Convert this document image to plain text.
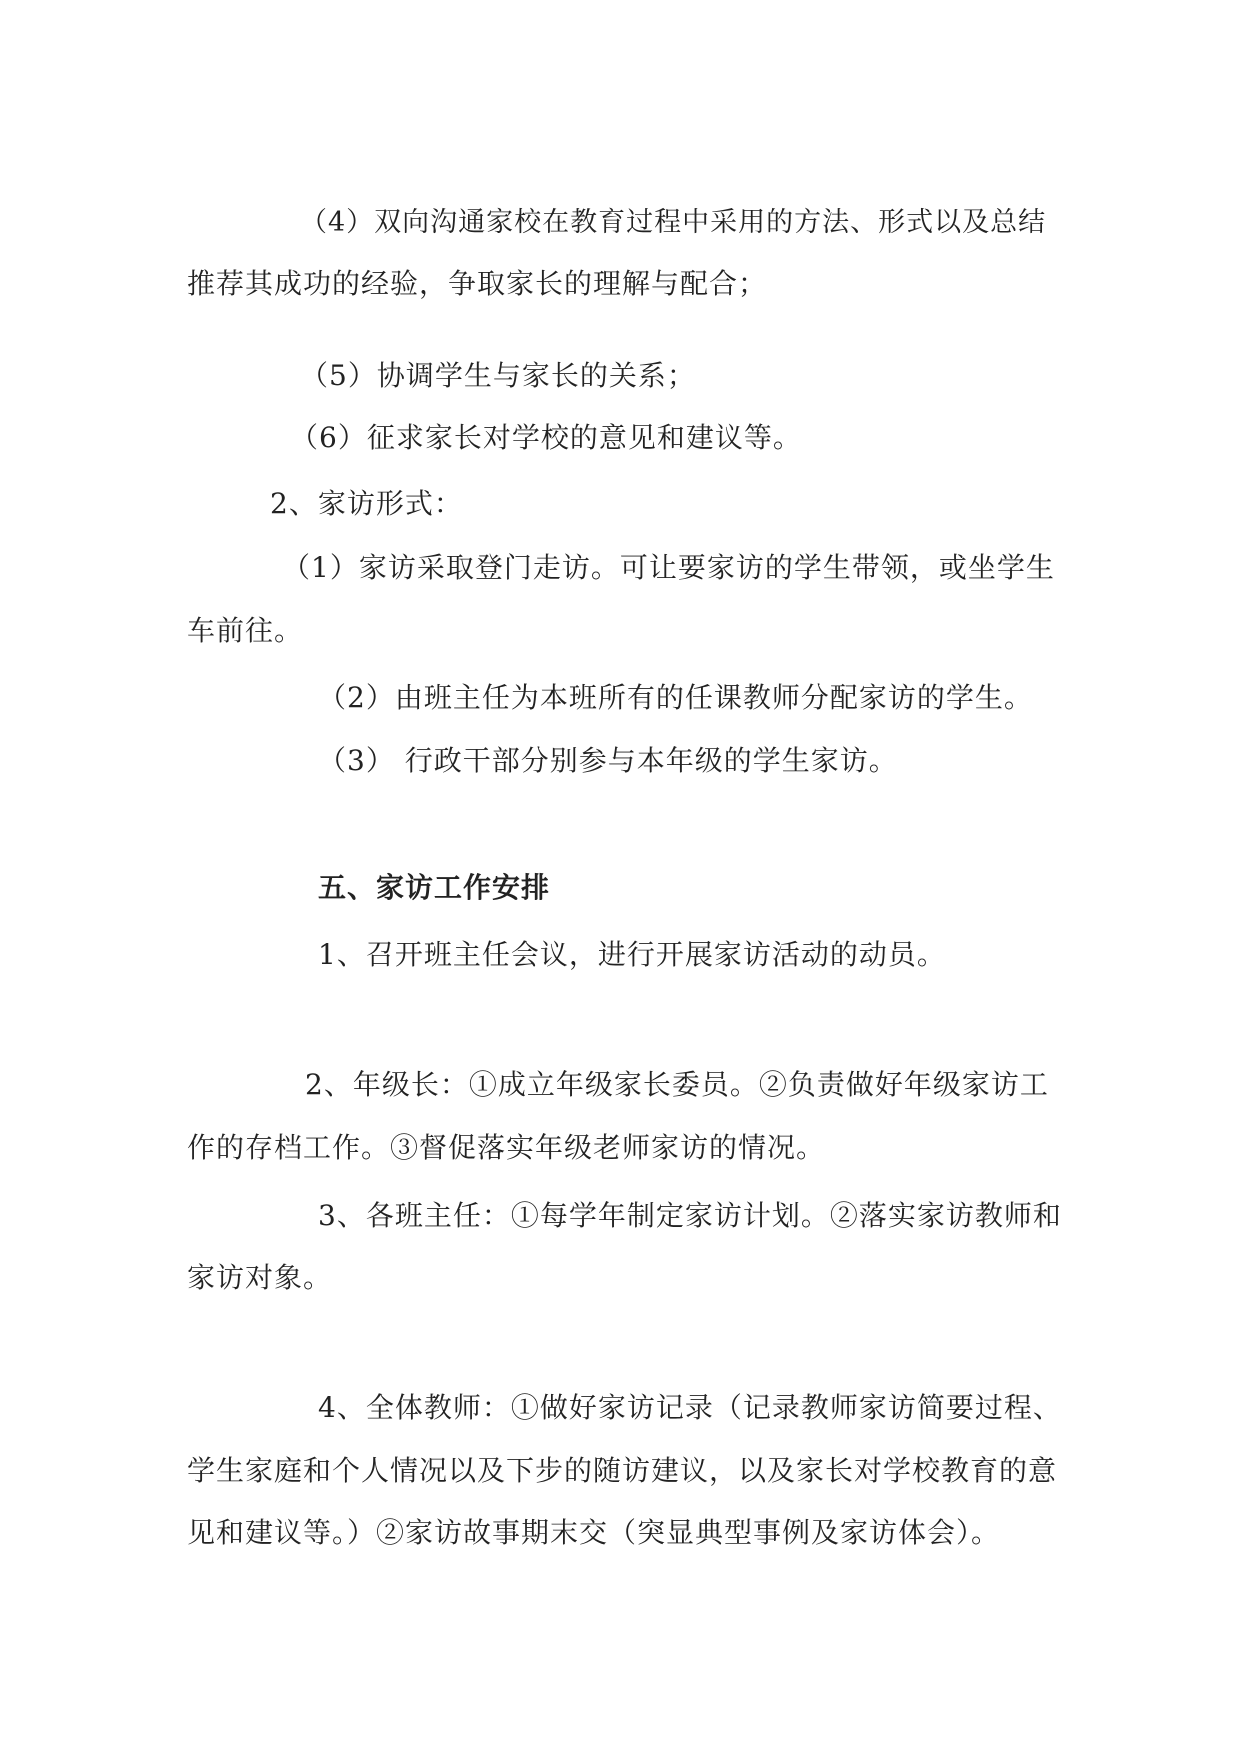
（4）双向沟通家校在教育过程中采用的方法、形式以及总结
推荐其成功的经验，争取家长的理解与配合；
（5）协调学生与家长的关系；
（6）征求家长对学校的意见和建议等。
2、家访形式：
（1）家访采取登门走访。可让要家访的学生带领，或坐学生
车前往。
（2）由班主任为本班所有的任课教师分配家访的学生。
（3） 行政干部分别参与本年级的学生家访。
五、家访工作安排
1、召开班主任会议，进行开展家访活动的动员。
2、年级长：①成立年级家长委员。②负责做好年级家访工
作的存档工作。③督促落实年级老师家访的情况。
3、各班主任：①每学年制定家访计划。②落实家访教师和
家访对象。
4、全体教师：①做好家访记录（记录教师家访简要过程、
学生家庭和个人情况以及下步的随访建议，以及家长对学校教育的意
见和建议等。）②家访故事期末交（突显典型事例及家访体会）。
